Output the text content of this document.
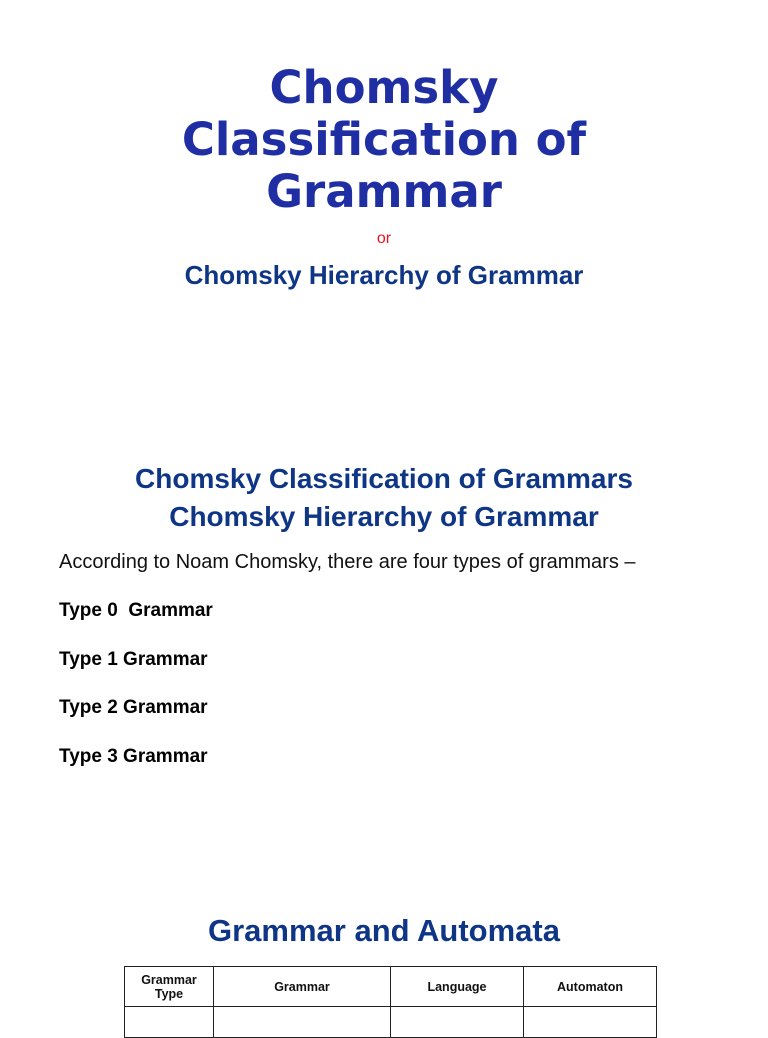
Chomsky
Classification of
Grammar
or
Chomsky Hierarchy of Grammar
Chomsky Classification of Grammars
Chomsky Hierarchy of Grammar
According to Noam Chomsky, there are four types of grammars –
Type 0  Grammar
Type 1 Grammar
Type 2 Grammar
Type 3 Grammar
Grammar and Automata
Grammar Type	Grammar	Language	Automaton
